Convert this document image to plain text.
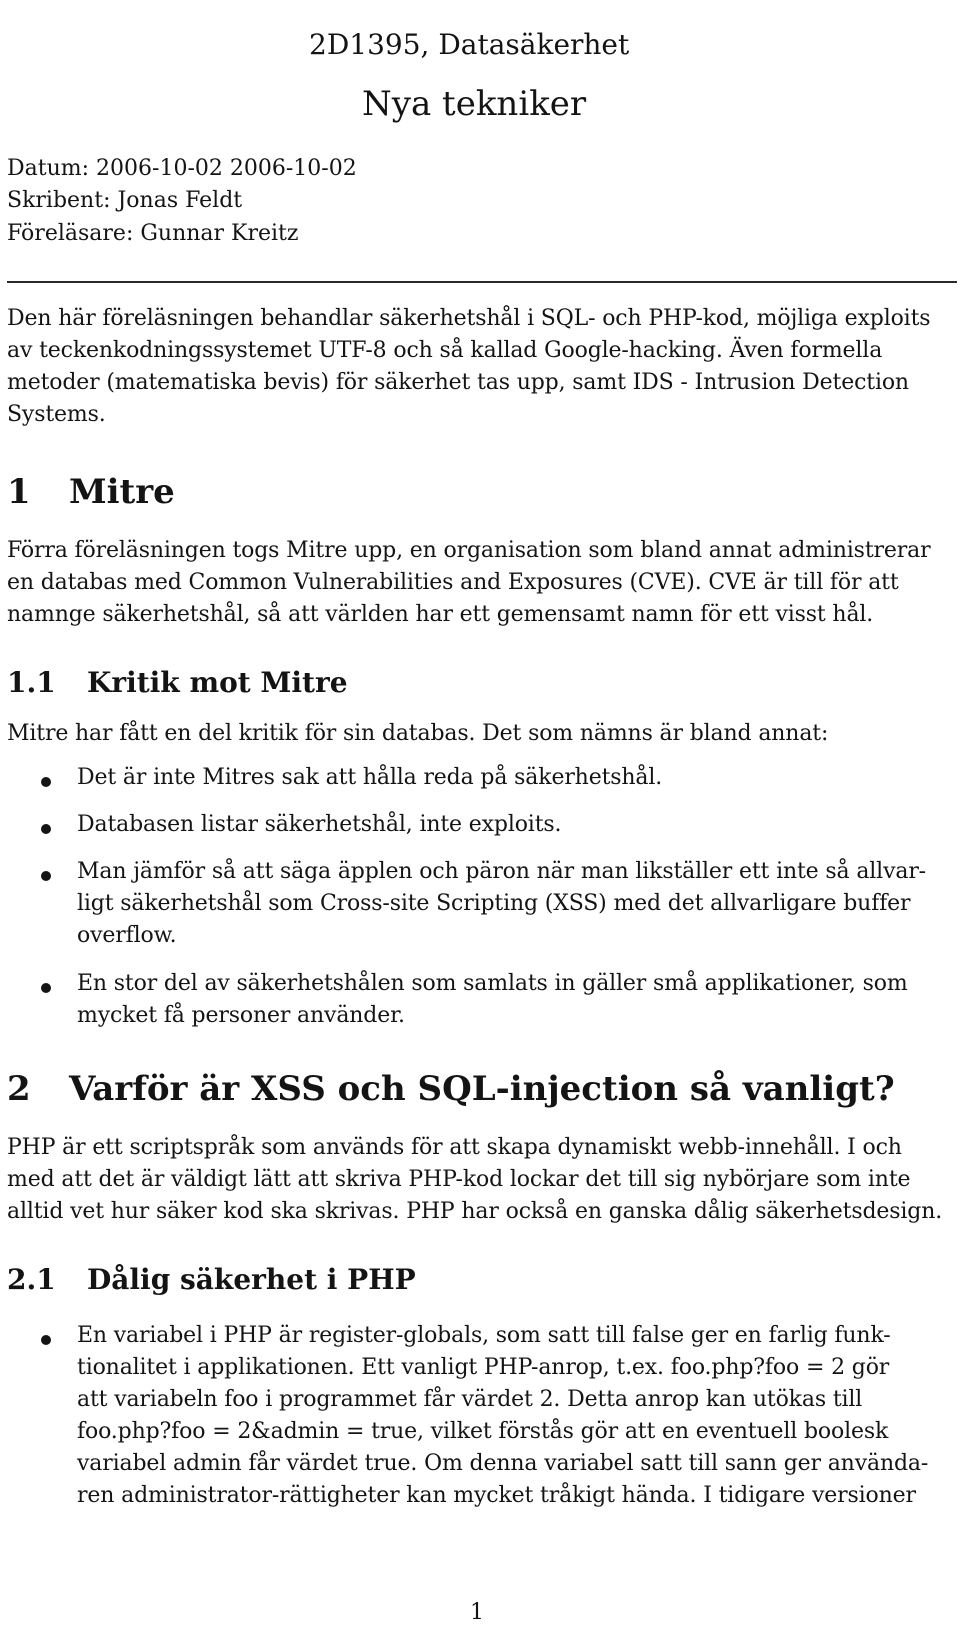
2D1395, Datasäkerhet
Nya tekniker
Datum: 2006-10-02 2006-10-02
Skribent: Jonas Feldt
Föreläsare: Gunnar Kreitz
Den här föreläsningen behandlar säkerhetshål i SQL- och PHP-kod, möjliga exploits
av teckenkodningssystemet UTF-8 och så kallad Google-hacking. Även formella
metoder (matematiska bevis) för säkerhet tas upp, samt IDS - Intrusion Detection
Systems.
1 Mitre
Förra föreläsningen togs Mitre upp, en organisation som bland annat administrerar
en databas med Common Vulnerabilities and Exposures (CVE). CVE är till för att
namnge säkerhetshål, så att världen har ett gemensamt namn för ett visst hål.
1.1 Kritik mot Mitre
Mitre har fått en del kritik för sin databas. Det som nämns är bland annat:
Det är inte Mitres sak att hålla reda på säkerhetshål.
Databasen listar säkerhetshål, inte exploits.
Man jämför så att säga äpplen och päron när man likställer ett inte så allvar-
ligt säkerhetshål som Cross-site Scripting (XSS) med det allvarligare buffer
overflow.
En stor del av säkerhetshålen som samlats in gäller små applikationer, som
mycket få personer använder.
2 Varför är XSS och SQL-injection så vanligt?
PHP är ett scriptspråk som används för att skapa dynamiskt webb-innehåll. I och
med att det är väldigt lätt att skriva PHP-kod lockar det till sig nybörjare som inte
alltid vet hur säker kod ska skrivas. PHP har också en ganska dålig säkerhetsdesign.
2.1 Dålig säkerhet i PHP
En variabel i PHP är register-globals, som satt till false ger en farlig funk-
tionalitet i applikationen. Ett vanligt PHP-anrop, t.ex. foo.php?foo = 2 gör
att variabeln foo i programmet får värdet 2. Detta anrop kan utökas till
foo.php?foo = 2&admin = true, vilket förstås gör att en eventuell boolesk
variabel admin får värdet true. Om denna variabel satt till sann ger använda-
ren administrator-rättigheter kan mycket tråkigt hända. I tidigare versioner
1
